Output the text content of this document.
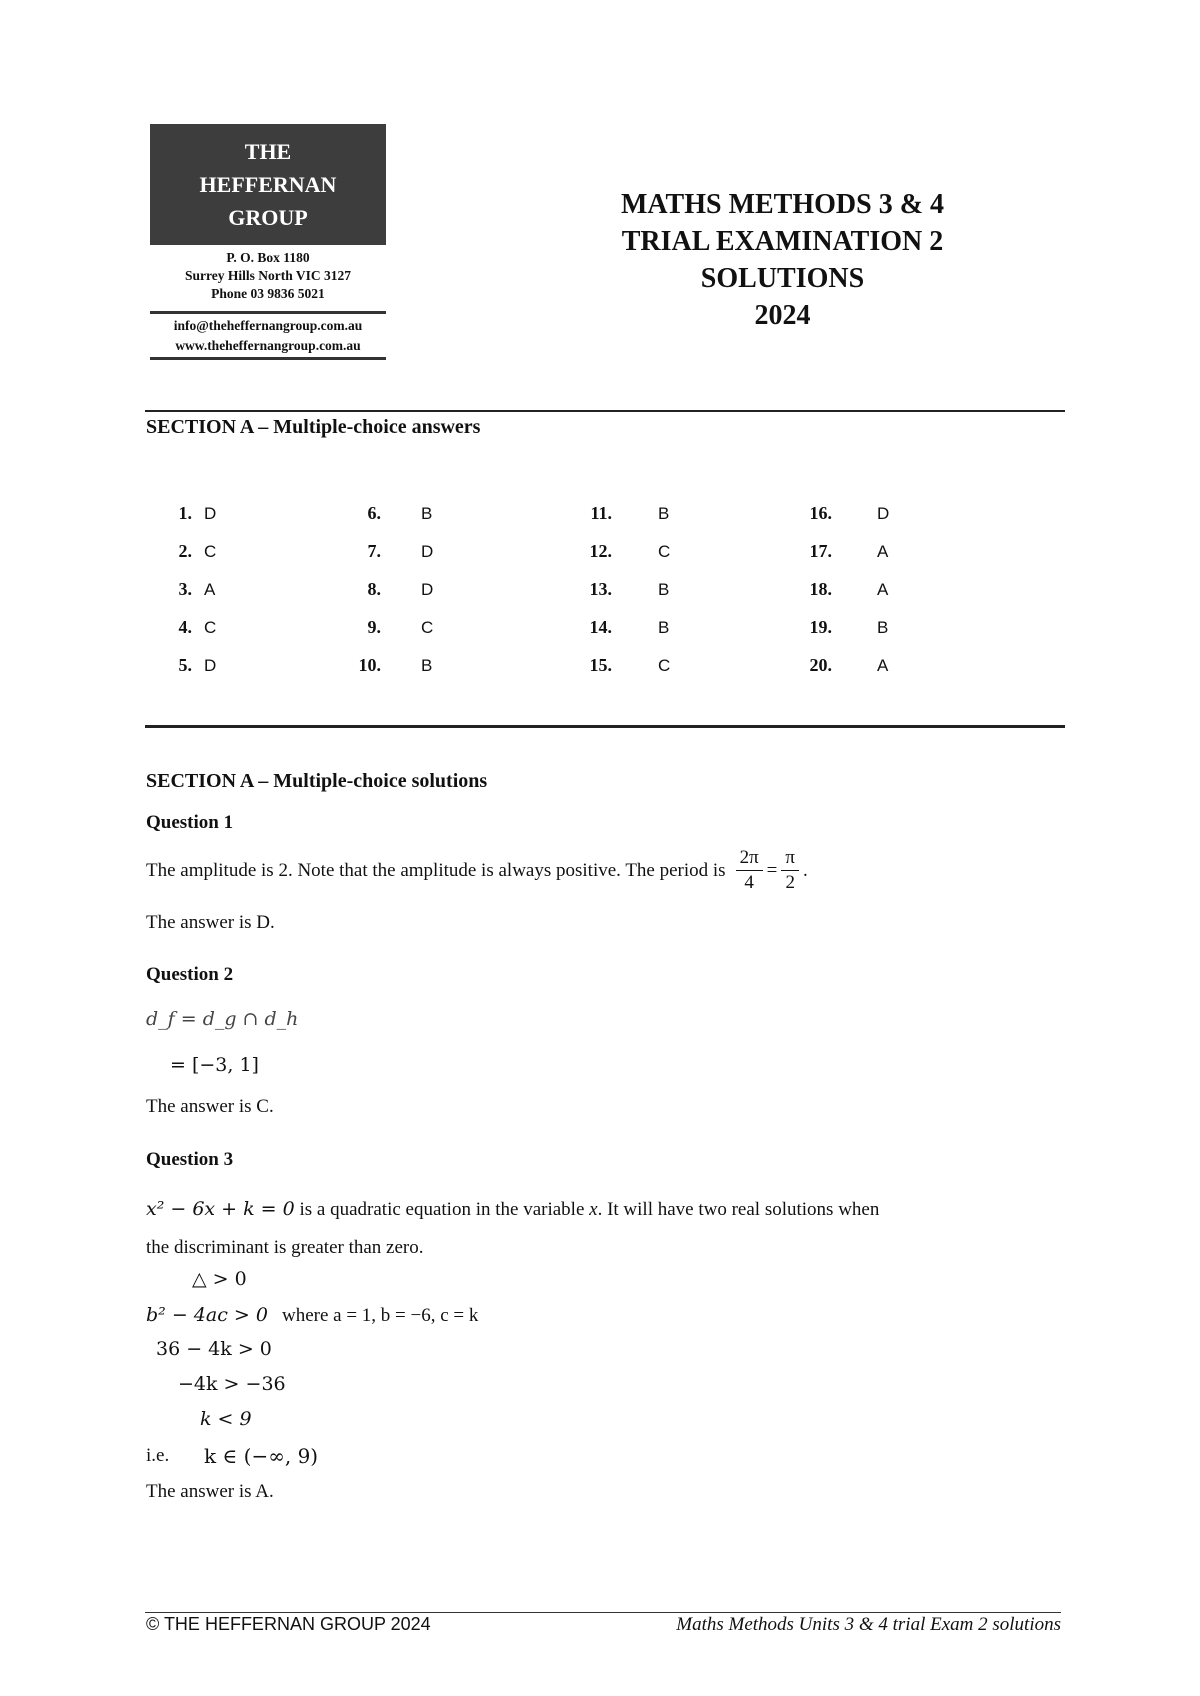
THE
HEFFERNAN
GROUP
P. O. Box 1180
Surrey Hills North VIC 3127
Phone 03 9836 5021
info@theheffernangroup.com.au
www.theheffernangroup.com.au
MATHS METHODS 3 & 4
TRIAL EXAMINATION 2
SOLUTIONS
2024
SECTION A – Multiple-choice answers
1. D
2. C
3. A
4. C
5. D
6. B
7. D
8. D
9. C
10. B
11.	B
12.	C
13.	B
14.	B
15.	C
16.	D
17.	A
18.	A
19.	B
20.	A
SECTION A – Multiple-choice solutions
Question 1
The amplitude is 2. Note that the amplitude is always positive. The period is $\frac{2\pi}{4} = \frac{\pi}{2}$ .
The answer is D.
Question 2
d_f = d_g ∩ d_h
= [−3, 1]
The answer is C.
Question 3
x² − 6x + k = 0 is a quadratic equation in the variable x. It will have two real solutions when
the discriminant is greater than zero.
△ > 0
b² − 4ac > 0 where a = 1, b = −6, c = k
36 − 4k > 0
−4k > −36
k < 9
i.e. k ∈ (−∞, 9)
The answer is A.
© THE HEFFERNAN GROUP 2024	Maths Methods Units 3 & 4 trial Exam 2 solutions
